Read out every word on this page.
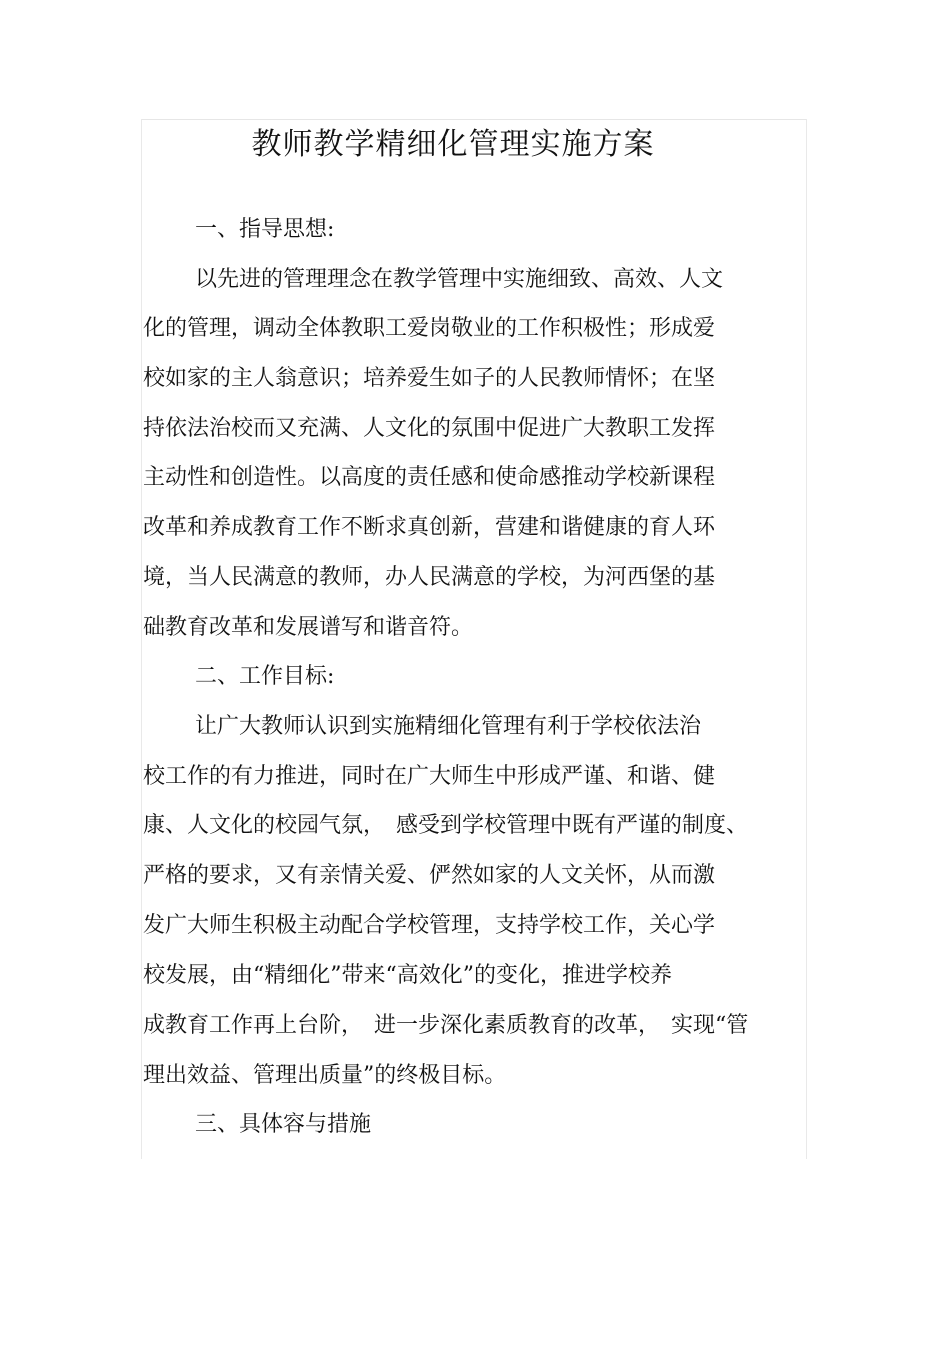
教师教学精细化管理实施方案

一、指导思想:

以先进的管理理念在教学管理中实施细致、高效、人文

化的管理，调动全体教职工爱岗敬业的工作积极性；形成爱

校如家的主人翁意识；培养爱生如子的人民教师情怀；在坚

持依法治校而又充满、人文化的氛围中促进广大教职工发挥

主动性和创造性。以高度的责任感和使命感推动学校新课程

改革和养成教育工作不断求真创新，营建和谐健康的育人环

境，当人民满意的教师，办人民满意的学校，为河西堡的基

础教育改革和发展谱写和谐音符。

二、工作目标:

让广大教师认识到实施精细化管理有利于学校依法治

校工作的有力推进，同时在广大师生中形成严谨、和谐、健

康、人文化的校园气氛，　感受到学校管理中既有严谨的制度、

严格的要求，又有亲情关爱、俨然如家的人文关怀，从而激

发广大师生积极主动配合学校管理，支持学校工作，关心学

校发展，由“精细化”带来“高效化”的变化，推进学校养

成教育工作再上台阶，　进一步深化素质教育的改革，　实现“管

理出效益、管理出质量”的终极目标。

三、具体容与措施
